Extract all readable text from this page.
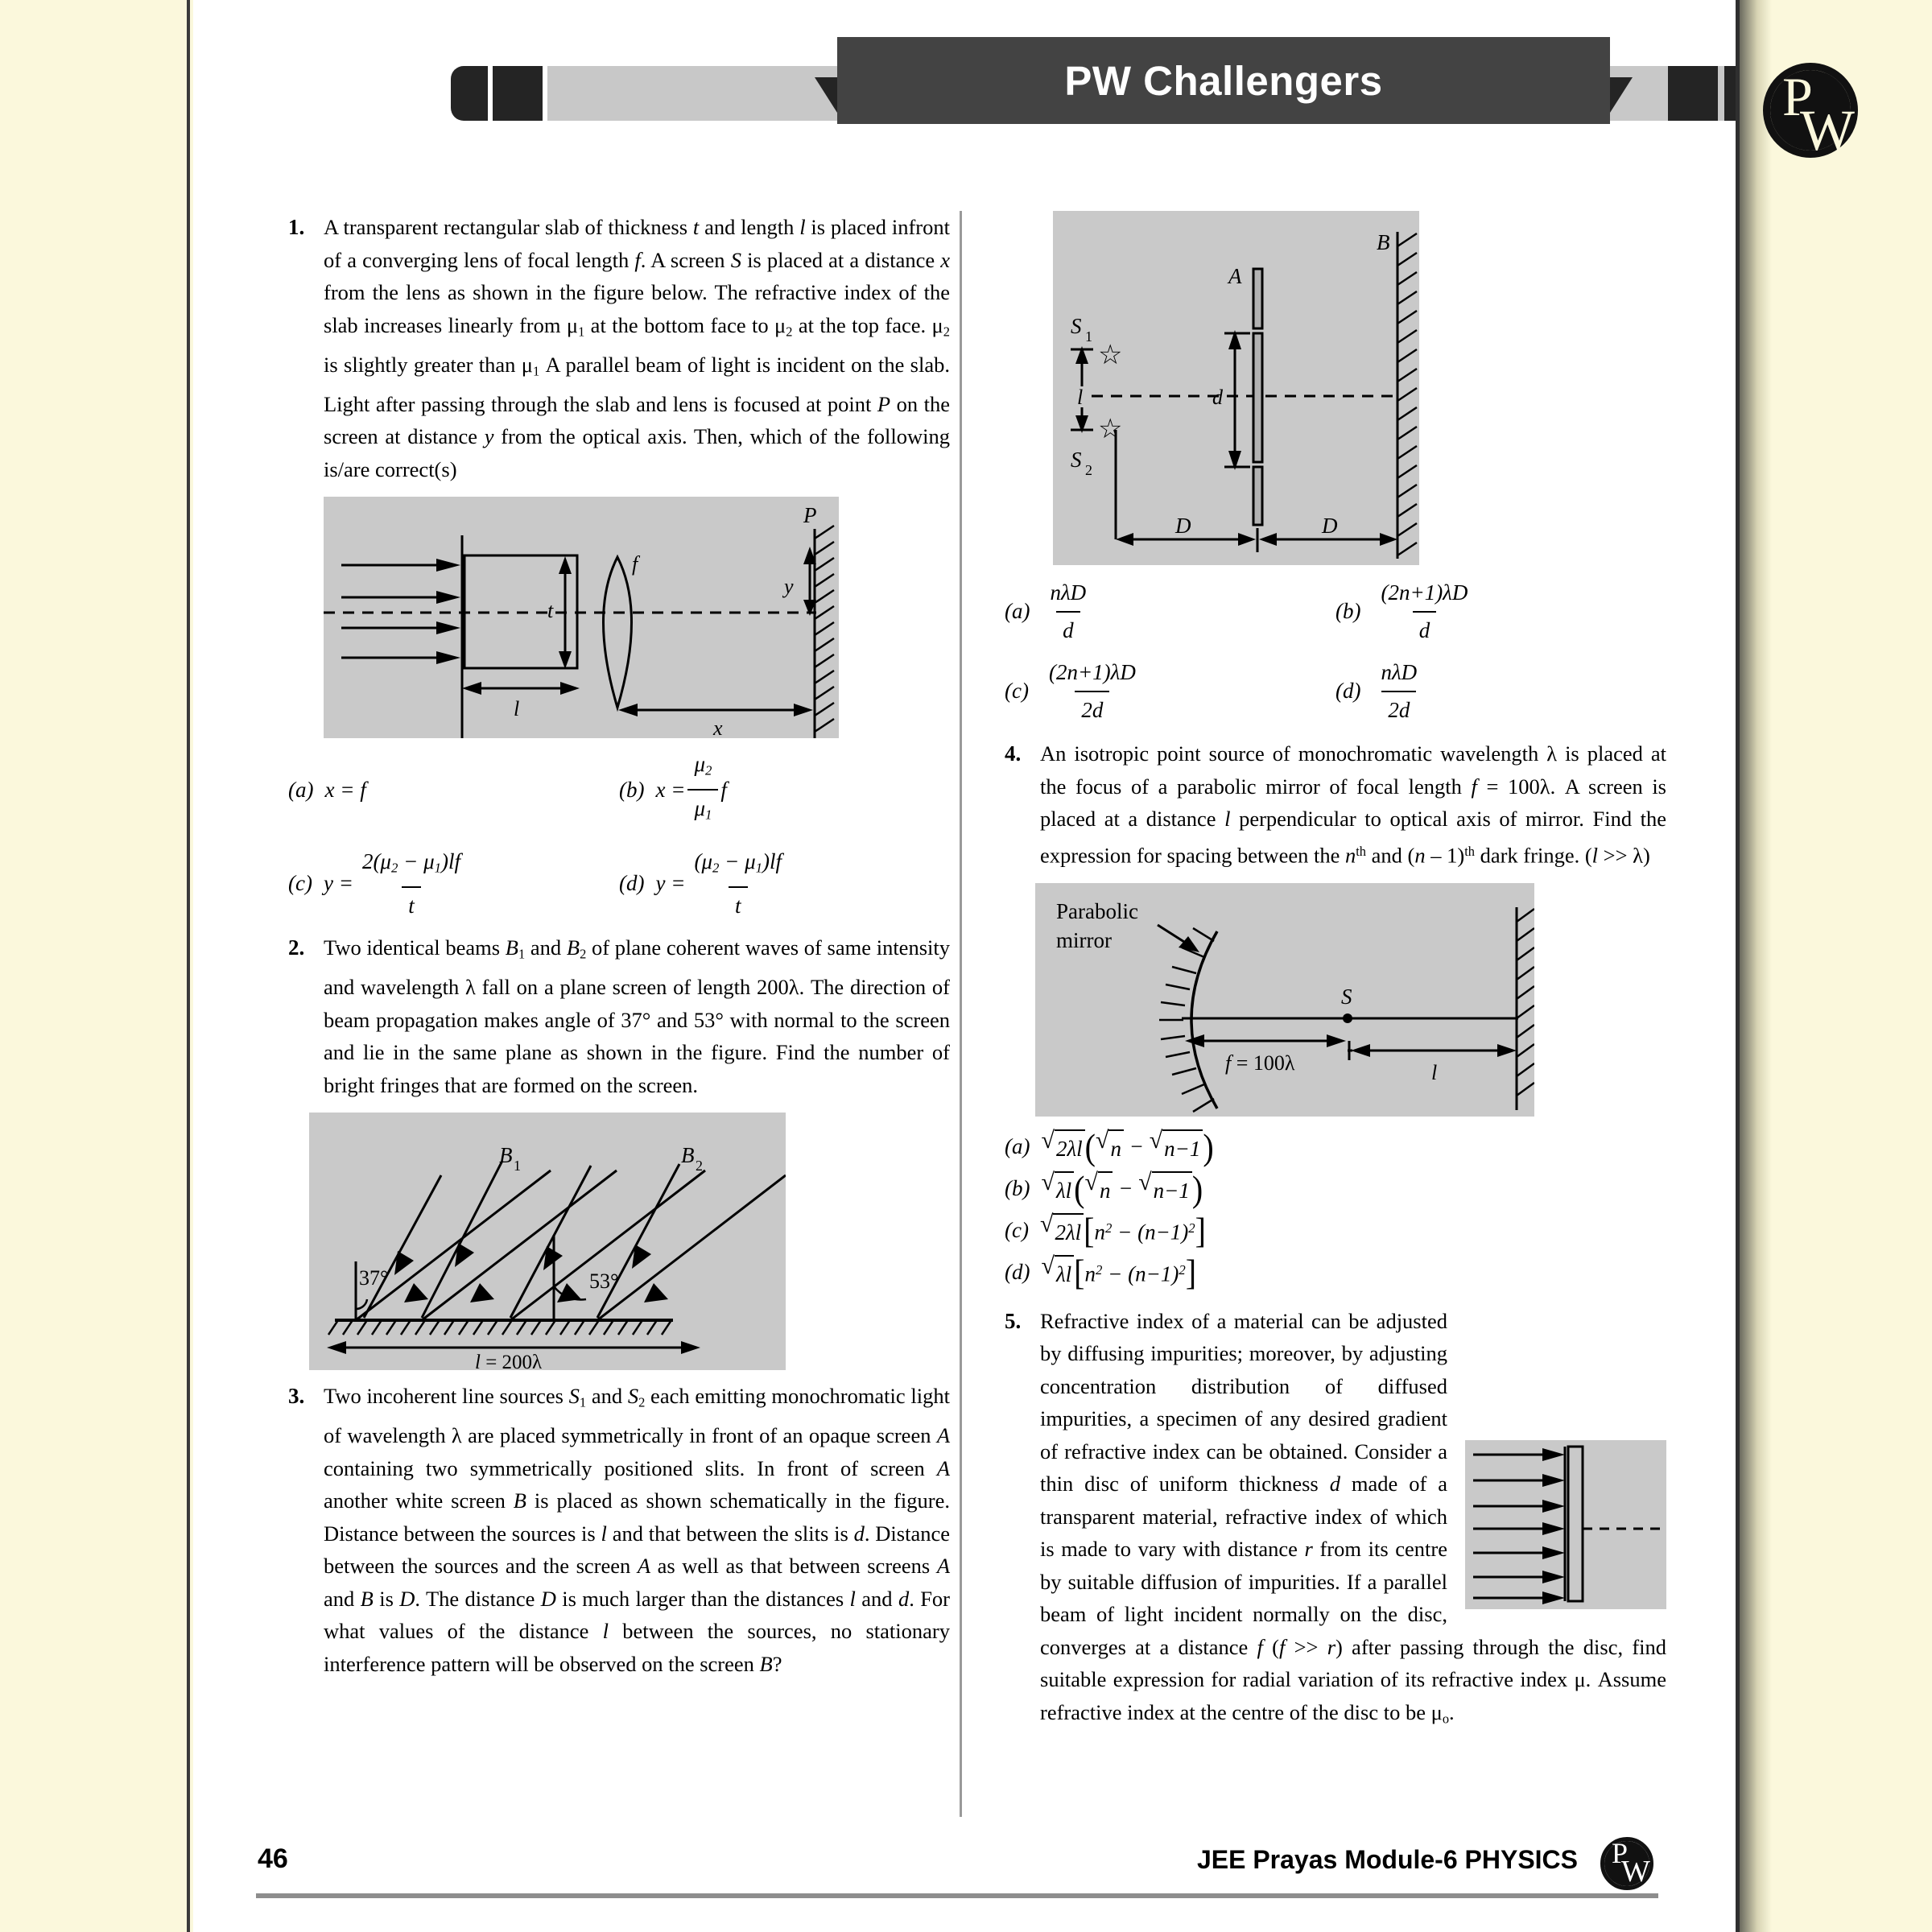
PW Challengers
1. A transparent rectangular slab of thickness t and length l is placed infront of a converging lens of focal length f. A screen S is placed at a distance x from the lens as shown in the figure below. The refractive index of the slab increases linearly from $\mu_1$ at the bottom face to $\mu_2$ at the top face. $\mu_2$ is slightly greater than $\mu_1$ A parallel beam of light is incident on the slab. Light after passing through the slab and lens is focused at point P on the screen at distance y from the optical axis. Then, which of the following is/are correct(s)
t
f
l
x
y
P
(a) x = f	(b) $x = \frac{\mu_2}{\mu_1}$ f
(c) $y = \frac{2(\mu_2 - \mu_1)lf}{t}$	(d) $y = \frac{(\mu_2 - \mu_1)lf}{t}$
2. Two identical beams $B_1$ and $B_2$ of plane coherent waves of same intensity and wavelength λ fall on a plane screen of length 200λ. The direction of beam propagation makes angle of 37° and 53° with normal to the screen and lie in the same plane as shown in the figure. Find the number of bright fringes that are formed on the screen.
37°	53°
B 1	B 2
l = 200λ
3. Two incoherent line sources $S_1$ and $S_2$ each emitting monochromatic light of wavelength λ are placed symmetrically in front of an opaque screen A containing two symmetrically positioned slits. In front of screen A another white screen B is placed as shown schematically in the figure. Distance between the sources is l and that between the slits is d. Distance between the sources and the screen A as well as that between screens A and B is D. The distance D is much larger than the distances l and d. For what values of the distance l between the sources, no stationary interference pattern will be observed on the screen B?
S 1
☆
☆
S 2
l
A
d
B
D	D
$(a) \frac{\text{nλD}}{d}$	$(b) \frac{(2n+1)\lambda D}{d}$
$(c) \frac{(2n+1)\lambda D}{2d}$	$(d) \frac{\text{nλD}}{2d}$
4. An isotropic point source of monochromatic wavelength λ is placed at the focus of a parabolic mirror of focal length f = 100λ. A screen is placed at a distance l perpendicular to optical axis of mirror. Find the expression for spacing between the $n^{th}$ and (n – 1)$^{th}$ dark fringe. (l >> λ)
Parabolic
mirror
S
f = 100λ	l
(a) √ 2λl ( √ n − √ n−1 )
(b) √ λl ( √ n − √ n−1 )
(c) √ 2λl [ $n^2 - (n-1)^2$ ]
(d) √ λl [ $n^2 - (n-1)^2$ ]
5. Refractive index of a material can be adjusted by diffusing impurities; moreover, by adjusting concentration distribution of diffused impurities, a specimen of any desired gradient of refractive index can be obtained. Consider a thin disc of uniform thickness d made of a transparent material, refractive index of which is made to vary with distance r from its centre by suitable diffusion of impurities. If a parallel beam of light incident normally on the disc, converges at a distance f (f >> r) after passing through the disc, find suitable expression for radial variation of its refractive index μ. Assume refractive index at the centre of the disc to be $\mu_o$.
46	JEE Prayas Module-6 PHYSICS P
W
P
W
